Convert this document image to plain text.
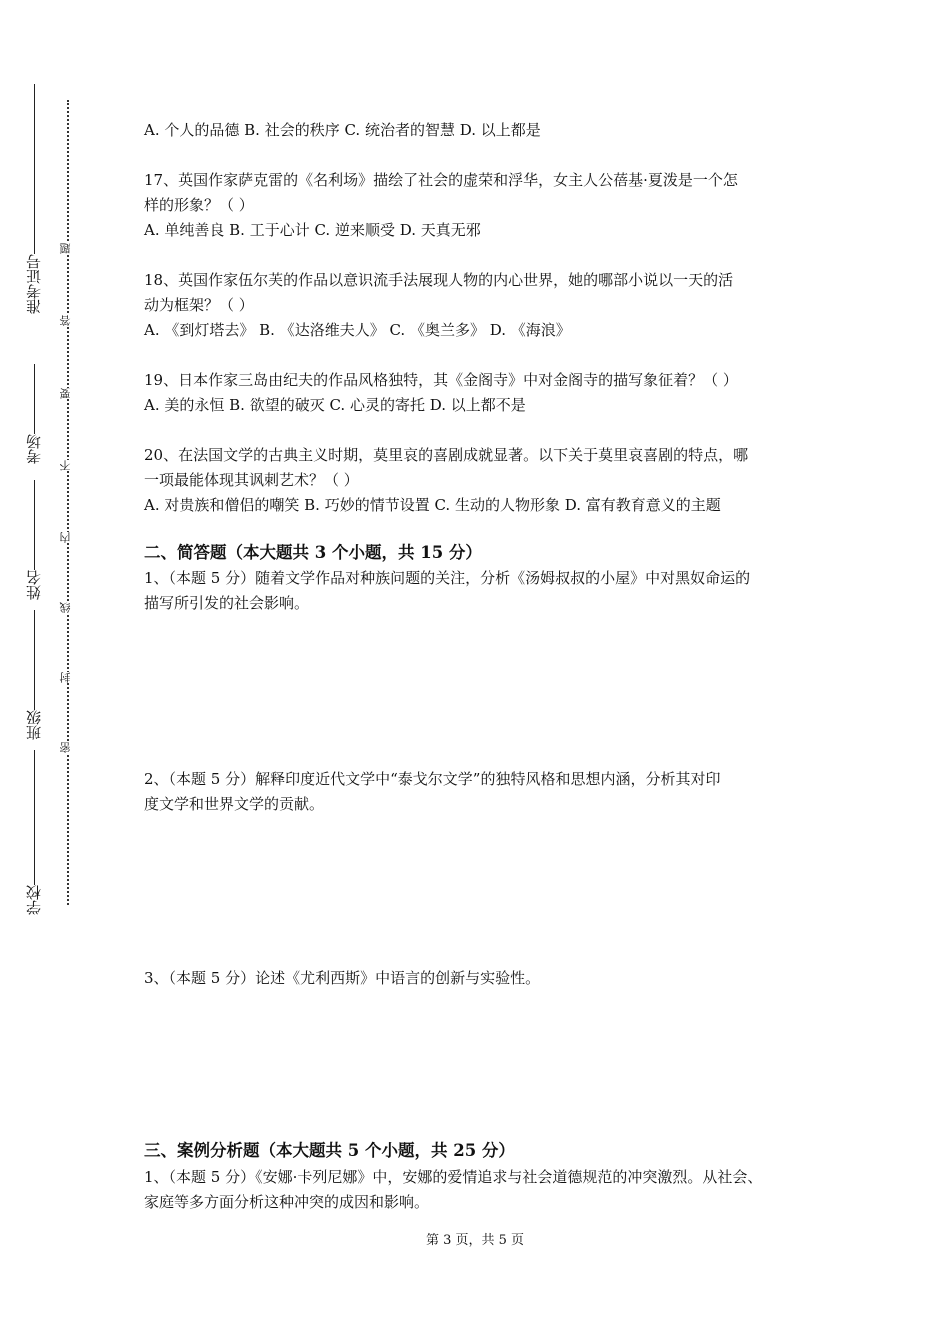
准考证号
考场
姓名
班级
学校
题
答
要
不
内
线
封
密
A. 个人的品德 B. 社会的秩序 C. 统治者的智慧 D. 以上都是
17、英国作家萨克雷的《名利场》描绘了社会的虚荣和浮华，女主人公蓓基·夏泼是一个怎
样的形象？（ ）
A. 单纯善良 B. 工于心计 C. 逆来顺受 D. 天真无邪
18、英国作家伍尔芙的作品以意识流手法展现人物的内心世界，她的哪部小说以一天的活
动为框架？（ ）
A. 《到灯塔去》 B. 《达洛维夫人》 C. 《奥兰多》 D. 《海浪》
19、日本作家三岛由纪夫的作品风格独特，其《金阁寺》中对金阁寺的描写象征着？（ ）
A. 美的永恒 B. 欲望的破灭 C. 心灵的寄托 D. 以上都不是
20、在法国文学的古典主义时期，莫里哀的喜剧成就显著。以下关于莫里哀喜剧的特点，哪
一项最能体现其讽刺艺术？（ ）
A. 对贵族和僧侣的嘲笑 B. 巧妙的情节设置 C. 生动的人物形象 D. 富有教育意义的主题
二、简答题（本大题共 3 个小题，共 15 分）
1、（本题 5 分）随着文学作品对种族问题的关注，分析《汤姆叔叔的小屋》中对黑奴命运的
描写所引发的社会影响。
2、（本题 5 分）解释印度近代文学中“泰戈尔文学”的独特风格和思想内涵，分析其对印
度文学和世界文学的贡献。
3、（本题 5 分）论述《尤利西斯》中语言的创新与实验性。
三、案例分析题（本大题共 5 个小题，共 25 分）
1、（本题 5 分）《安娜·卡列尼娜》中，安娜的爱情追求与社会道德规范的冲突激烈。从社会、
家庭等多方面分析这种冲突的成因和影响。
第 3 页，共 5 页
